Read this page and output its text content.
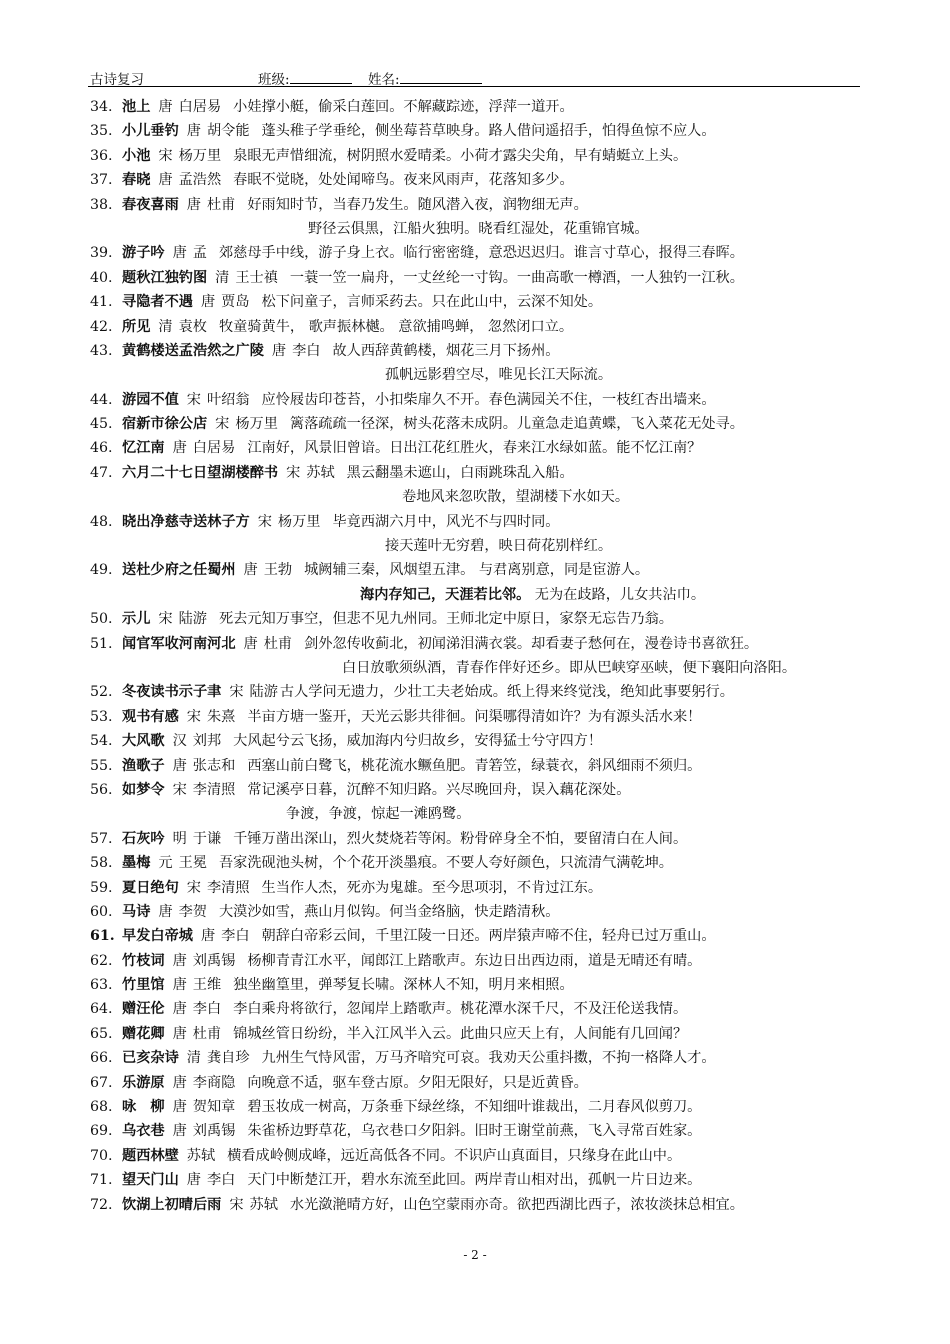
古诗复习	班级:	姓名:
34. 池上 唐 白居易 小娃撑小艇，偷采白莲回。不解藏踪迹，浮萍一道开。
35. 小儿垂钓 唐 胡令能 蓬头稚子学垂纶，侧坐莓苔草映身。路人借问遥招手，怕得鱼惊不应人。
36. 小池 宋 杨万里 泉眼无声惜细流，树阴照水爱晴柔。小荷才露尖尖角，早有蜻蜓立上头。
37. 春晓 唐 孟浩然 春眠不觉晓，处处闻啼鸟。夜来风雨声，花落知多少。
38. 春夜喜雨 唐 杜甫 好雨知时节，当春乃发生。随风潜入夜，润物细无声。
野径云俱黑，江船火独明。晓看红湿处，花重锦官城。
39. 游子吟 唐 孟 郊慈母手中线，游子身上衣。临行密密缝，意恐迟迟归。谁言寸草心，报得三春晖。
40. 题秋江独钓图 清 王士禛 一蓑一笠一扁舟，一丈丝纶一寸钩。一曲高歌一樽酒，一人独钓一江秋。
41. 寻隐者不遇 唐 贾岛 松下问童子，言师采药去。只在此山中，云深不知处。
42. 所见 清 袁枚 牧童骑黄牛， 歌声振林樾。 意欲捕鸣蝉， 忽然闭口立。
43. 黄鹤楼送孟浩然之广陵 唐 李白 故人西辞黄鹤楼，烟花三月下扬州。
孤帆远影碧空尽，唯见长江天际流。
44. 游园不值 宋 叶绍翁 应怜屐齿印苍苔，小扣柴扉久不开。春色满园关不住，一枝红杏出墙来。
45. 宿新市徐公店 宋 杨万里 篱落疏疏一径深，树头花落未成阴。儿童急走追黄蝶，飞入菜花无处寻。
46. 忆江南 唐 白居易 江南好，风景旧曾谙。日出江花红胜火，春来江水绿如蓝。能不忆江南？
47. 六月二十七日望湖楼醉书 宋 苏轼 黑云翻墨未遮山，白雨跳珠乱入船。
卷地风来忽吹散，望湖楼下水如天。
48. 晓出净慈寺送林子方 宋 杨万里 毕竟西湖六月中，风光不与四时同。
接天莲叶无穷碧，映日荷花别样红。
49. 送杜少府之任蜀州 唐 王勃 城阙辅三秦，风烟望五津。 与君离别意，同是宦游人。
海内存知己，天涯若比邻。 无为在歧路，儿女共沾巾。
50. 示儿 宋 陆游 死去元知万事空，但悲不见九州同。王师北定中原日，家祭无忘告乃翁。
51. 闻官军收河南河北 唐 杜甫 剑外忽传收蓟北，初闻涕泪满衣裳。却看妻子愁何在，漫卷诗书喜欲狂。
白日放歌须纵酒，青春作伴好还乡。即从巴峡穿巫峡，便下襄阳向洛阳。
52. 冬夜读书示子聿 宋 陆游 古人学问无遗力，少壮工夫老始成。纸上得来终觉浅，绝知此事要躬行。
53. 观书有感 宋 朱熹 半亩方塘一鉴开，天光云影共徘徊。问渠哪得清如许？为有源头活水来！
54. 大风歌 汉 刘邦 大风起兮云飞扬，威加海内兮归故乡，安得猛士兮守四方！
55. 渔歌子 唐 张志和 西塞山前白鹭飞，桃花流水鳜鱼肥。青箬笠，绿蓑衣，斜风细雨不须归。
56. 如梦令 宋 李清照 常记溪亭日暮，沉醉不知归路。兴尽晚回舟，误入藕花深处。
争渡，争渡，惊起一滩鸥鹭。
57. 石灰吟 明 于谦 千锤万凿出深山，烈火焚烧若等闲。粉骨碎身全不怕，要留清白在人间。
58. 墨梅 元 王冕 吾家洗砚池头树，个个花开淡墨痕。不要人夸好颜色，只流清气满乾坤。
59. 夏日绝句 宋 李清照 生当作人杰，死亦为鬼雄。至今思项羽，不肯过江东。
60. 马诗 唐 李贺 大漠沙如雪，燕山月似钩。何当金络脑，快走踏清秋。
61. 早发白帝城 唐 李白 朝辞白帝彩云间，千里江陵一日还。两岸猿声啼不住，轻舟已过万重山。
62. 竹枝词 唐 刘禹锡 杨柳青青江水平，闻郎江上踏歌声。东边日出西边雨，道是无晴还有晴。
63. 竹里馆 唐 王维 独坐幽篁里，弹琴复长啸。深林人不知，明月来相照。
64. 赠汪伦 唐 李白 李白乘舟将欲行，忽闻岸上踏歌声。桃花潭水深千尺，不及汪伦送我情。
65. 赠花卿 唐 杜甫 锦城丝管日纷纷，半入江风半入云。此曲只应天上有，人间能有几回闻？
66. 已亥杂诗 清 龚自珍 九州生气恃风雷，万马齐喑究可哀。我劝天公重抖擞，不拘一格降人才。
67. 乐游原 唐 李商隐 向晚意不适，驱车登古原。夕阳无限好，只是近黄昏。
68. 咏　柳 唐 贺知章 碧玉妆成一树高，万条垂下绿丝绦，不知细叶谁裁出，二月春风似剪刀。
69. 乌衣巷 唐 刘禹锡 朱雀桥边野草花，乌衣巷口夕阳斜。旧时王谢堂前燕，飞入寻常百姓家。
70. 题西林壁 苏轼 横看成岭侧成峰，远近高低各不同。不识庐山真面目，只缘身在此山中。
71. 望天门山 唐 李白 天门中断楚江开，碧水东流至此回。两岸青山相对出，孤帆一片日边来。
72. 饮湖上初晴后雨 宋 苏轼 水光潋滟晴方好，山色空蒙雨亦奇。欲把西湖比西子，浓妆淡抹总相宜。
- 2 -
